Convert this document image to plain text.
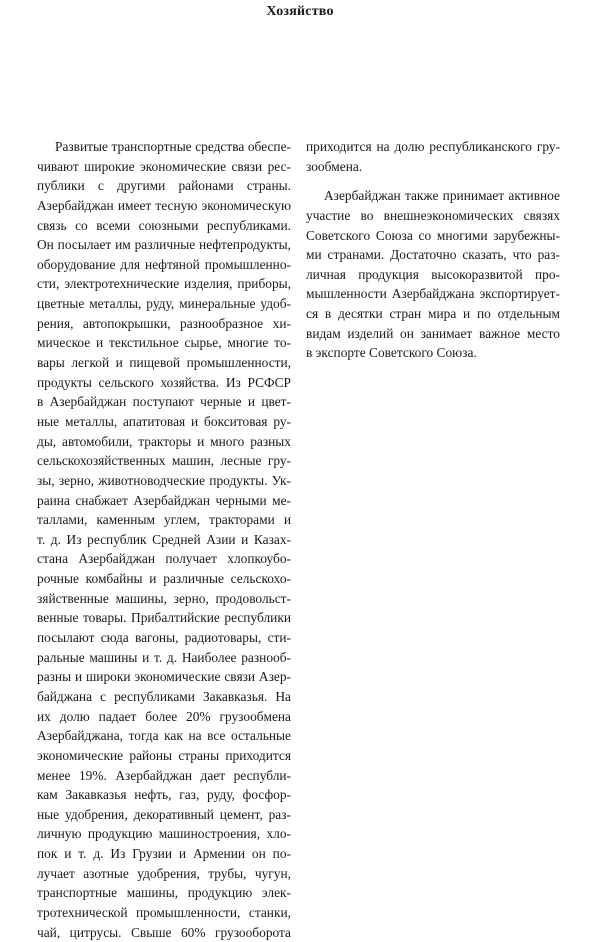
Хозяйство
Развитые транспортные средства обеспе-
чивают широкие экономические связи рес-
публики с другими районами страны.
Азербайджан имеет тесную экономическую
связь со всеми союзными республиками.
Он посылает им различные нефтепродукты,
оборудование для нефтяной промышленно-
сти, электротехнические изделия, приборы,
цветные металлы, руду, минеральные удоб-
рения, автопокрышки, разнообразное хи-
мическое и текстильное сырье, многие то-
вары легкой и пищевой промышленности,
продукты сельского хозяйства. Из РСФСР
в Азербайджан поступают черные и цвет-
ные металлы, апатитовая и бокситовая ру-
ды, автомобили, тракторы и много разных
сельскохозяйственных машин, лесные гру-
зы, зерно, животноводческие продукты. Ук-
раина снабжает Азербайджан черными ме-
таллами, каменным углем, тракторами и
т. д. Из республик Средней Азии и Казах-
стана Азербайджан получает хлопкоубо-
рочные комбайны и различные сельскохо-
зяйственные машины, зерно, продовольст-
венные товары. Прибалтийские республики
посылают сюда вагоны, радиотовары, сти-
ральные машины и т. д. Наиболее разнооб-
разны и широки экономические связи Азер-
байджана с республиками Закавказья. На
их долю падает более 20% грузообмена
Азербайджана, тогда как на все остальные
экономические районы страны приходится
менее 19%. Азербайджан дает республи-
кам Закавказья нефть, газ, руду, фосфор-
ные удобрения, декоративный цемент, раз-
личную продукцию машиностроения, хло-
пок и т. д. Из Грузии и Армении он по-
лучает азотные удобрения, трубы, чугун,
транспортные машины, продукцию элек-
тротехнической промышленности, станки,
чай, цитрусы. Свыше 60% грузооборота
приходится на долю республиканского гру-
зообмена.
Азербайджан также принимает активное
участие во внешнеэкономических связях
Советского Союза со многими зарубежны-
ми странами. Достаточно сказать, что раз-
личная продукция высокоразвитой про-
мышленности Азербайджана экспортирует-
ся в десятки стран мира и по отдельным
видам изделий он занимает важное место
в экспорте Советского Союза.
